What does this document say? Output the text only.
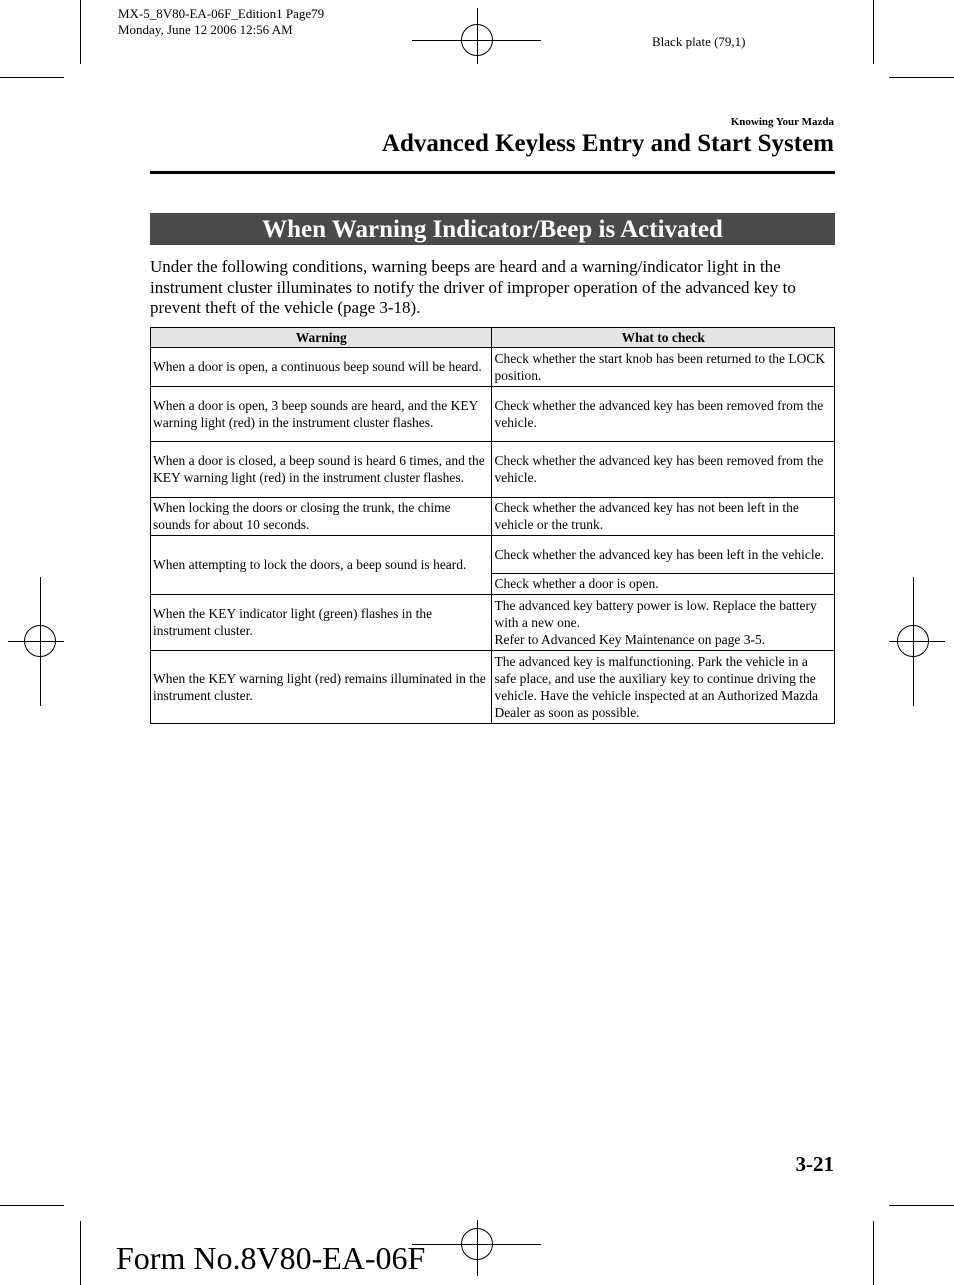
MX-5_8V80-EA-06F_Edition1 Page79
Monday, June 12 2006 12:56 AM
Black plate (79,1)
Knowing Your Mazda
Advanced Keyless Entry and Start System
When Warning Indicator/Beep is Activated
Under the following conditions, warning beeps are heard and a warning/indicator light in the instrument cluster illuminates to notify the driver of improper operation of the advanced key to prevent theft of the vehicle (page 3-18).
Warning	What to check
When a door is open, a continuous beep sound will be heard.	Check whether the start knob has been returned to the LOCK position.
When a door is open, 3 beep sounds are heard, and the KEY warning light (red) in the instrument cluster flashes.	Check whether the advanced key has been removed from the vehicle.
When a door is closed, a beep sound is heard 6 times, and the KEY warning light (red) in the instrument cluster flashes.	Check whether the advanced key has been removed from the vehicle.
When locking the doors or closing the trunk, the chime sounds for about 10 seconds.	Check whether the advanced key has not been left in the vehicle or the trunk.
When attempting to lock the doors, a beep sound is heard.	Check whether the advanced key has been left in the vehicle.
	Check whether a door is open.
When the KEY indicator light (green) flashes in the instrument cluster.	The advanced key battery power is low. Replace the battery with a new one.
Refer to Advanced Key Maintenance on page 3-5.

When the KEY warning light (red) remains illuminated in the instrument cluster.	The advanced key is malfunctioning. Park the vehicle in a safe place, and use the auxiliary key to continue driving the vehicle. Have the vehicle inspected at an Authorized Mazda Dealer as soon as possible.
3-21
Form No.8V80-EA-06F
